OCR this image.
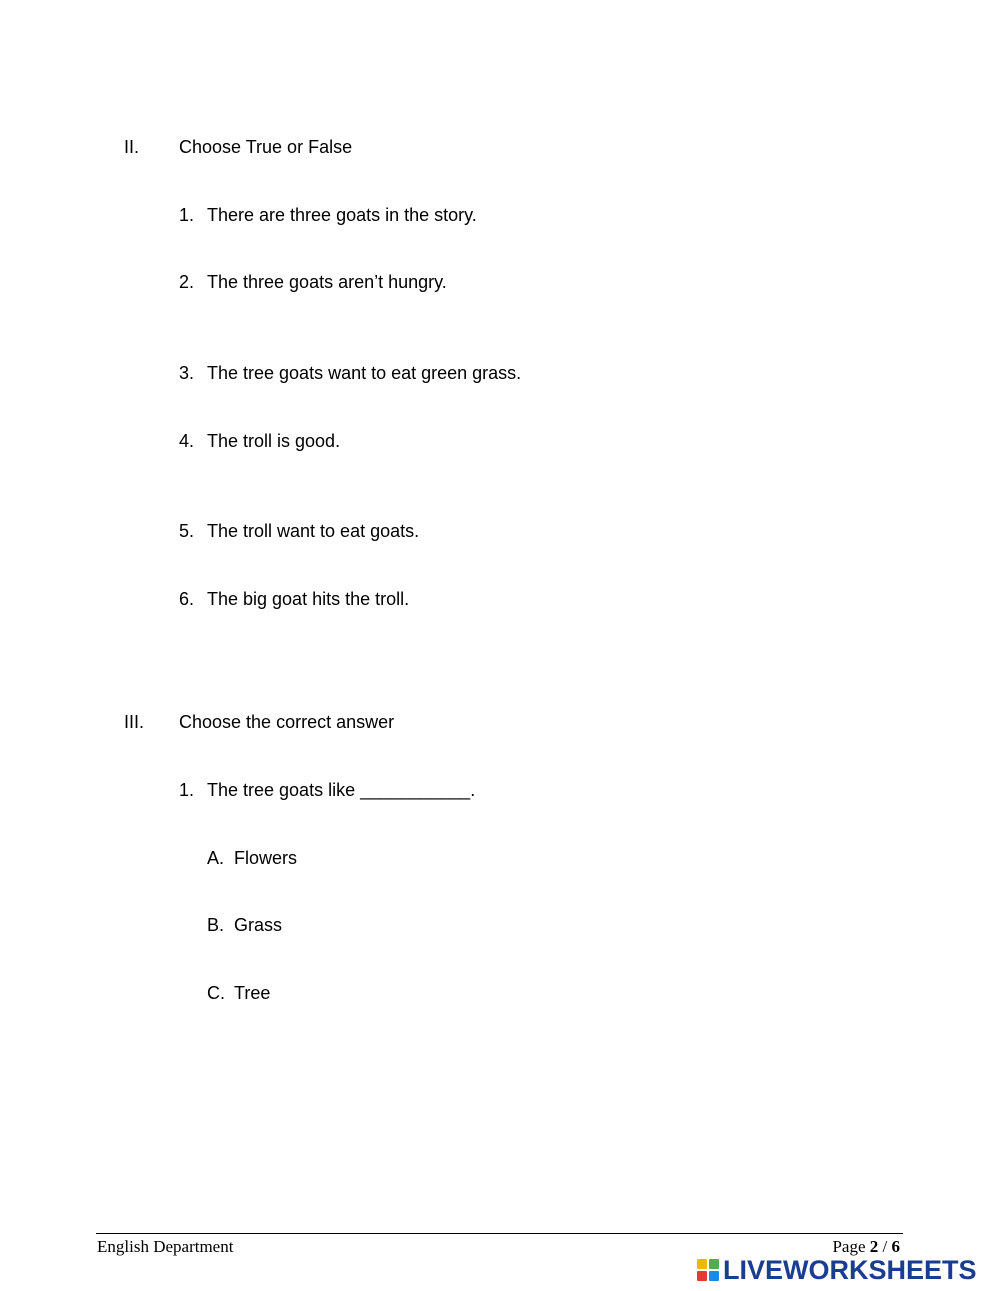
II. Choose True or False
1. There are three goats in the story.
2. The three goats aren’t hungry.
3. The tree goats want to eat green grass.
4. The troll is good.
5. The troll want to eat goats.
6. The big goat hits the troll.
III. Choose the correct answer
1. The tree goats like ___________.
A. Flowers
B. Grass
C. Tree
English Department	Page 2 / 6
LIVEWORKSHEETS
